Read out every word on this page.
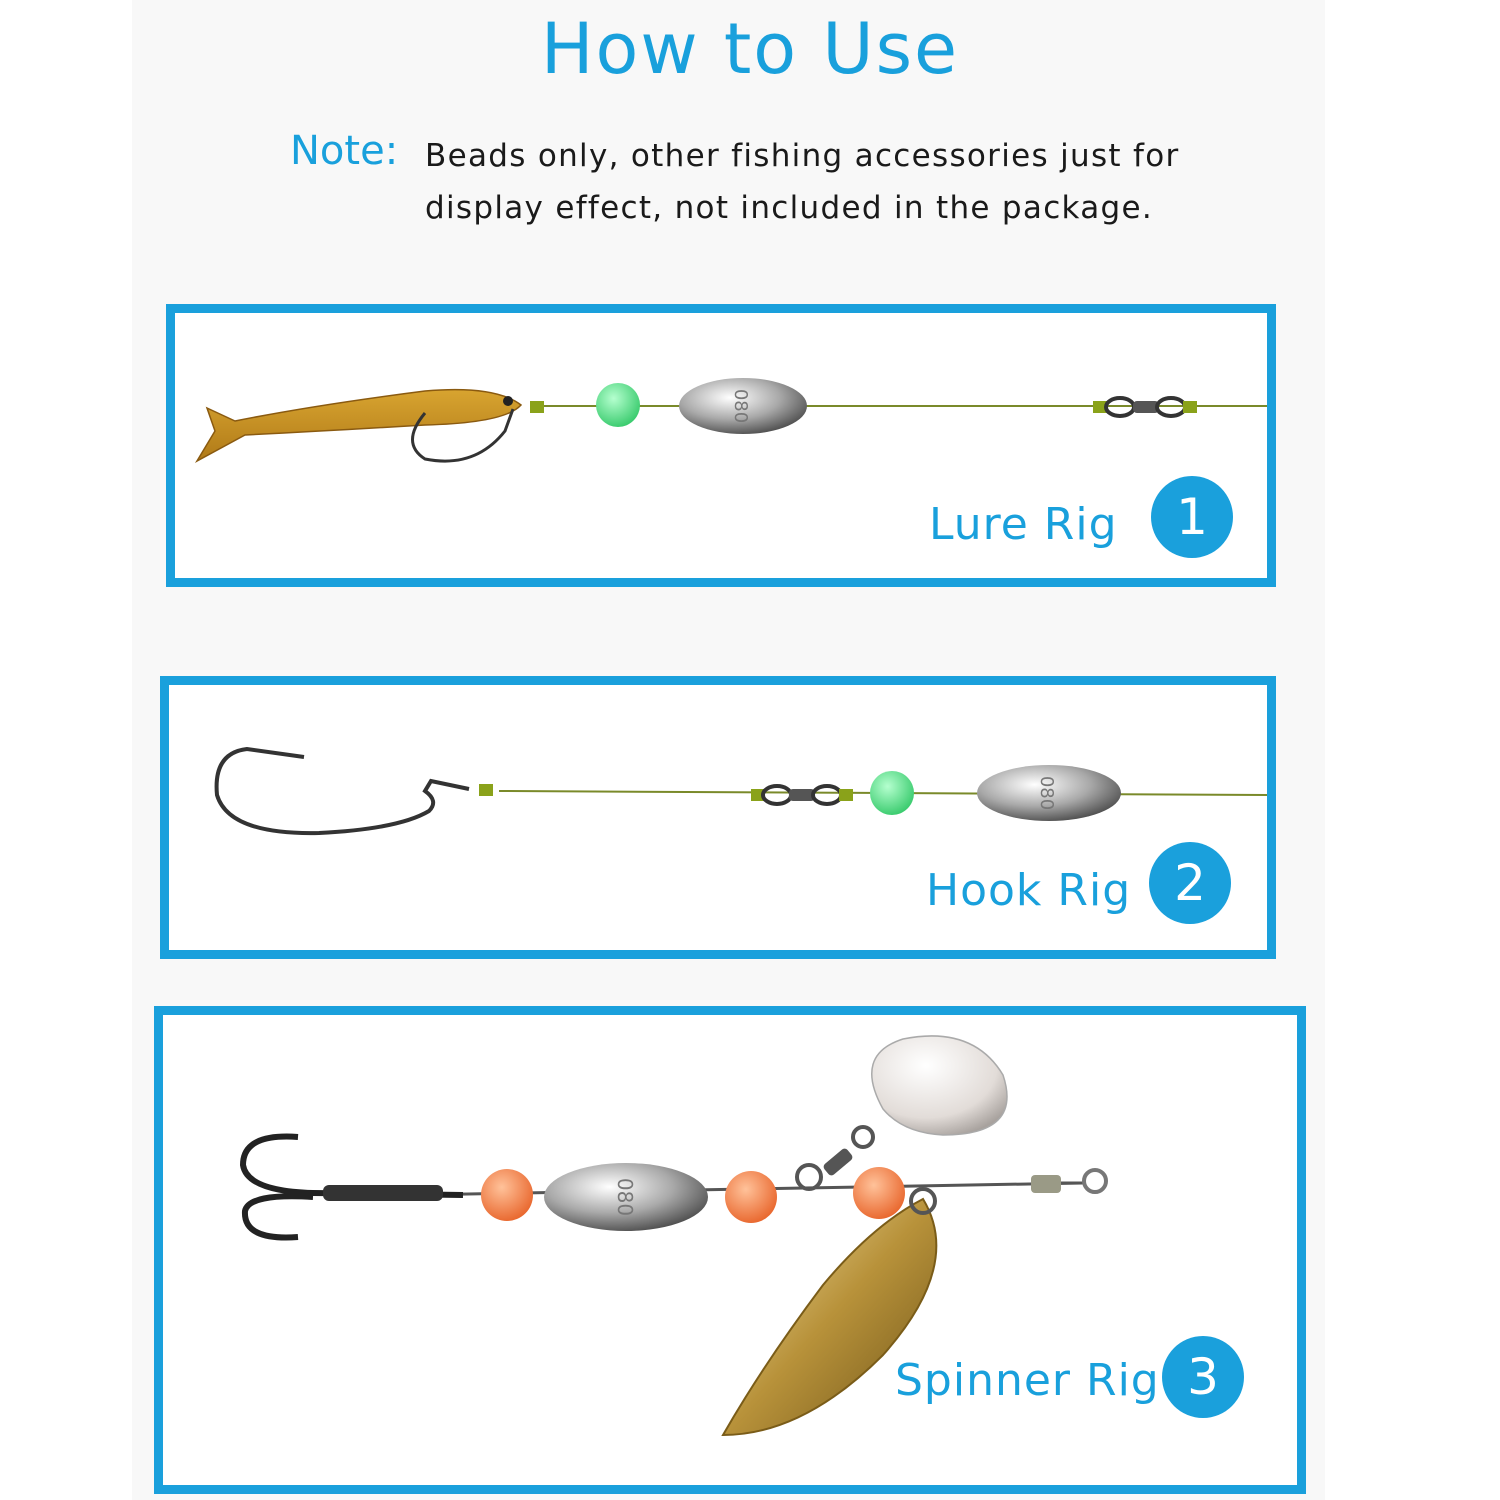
How to Use
Note: Beads only, other fishing accessories just for
display effect, not included in the package.
080
Lure Rig	1
080
Hook Rig 2
080
Spinner Rig 3
